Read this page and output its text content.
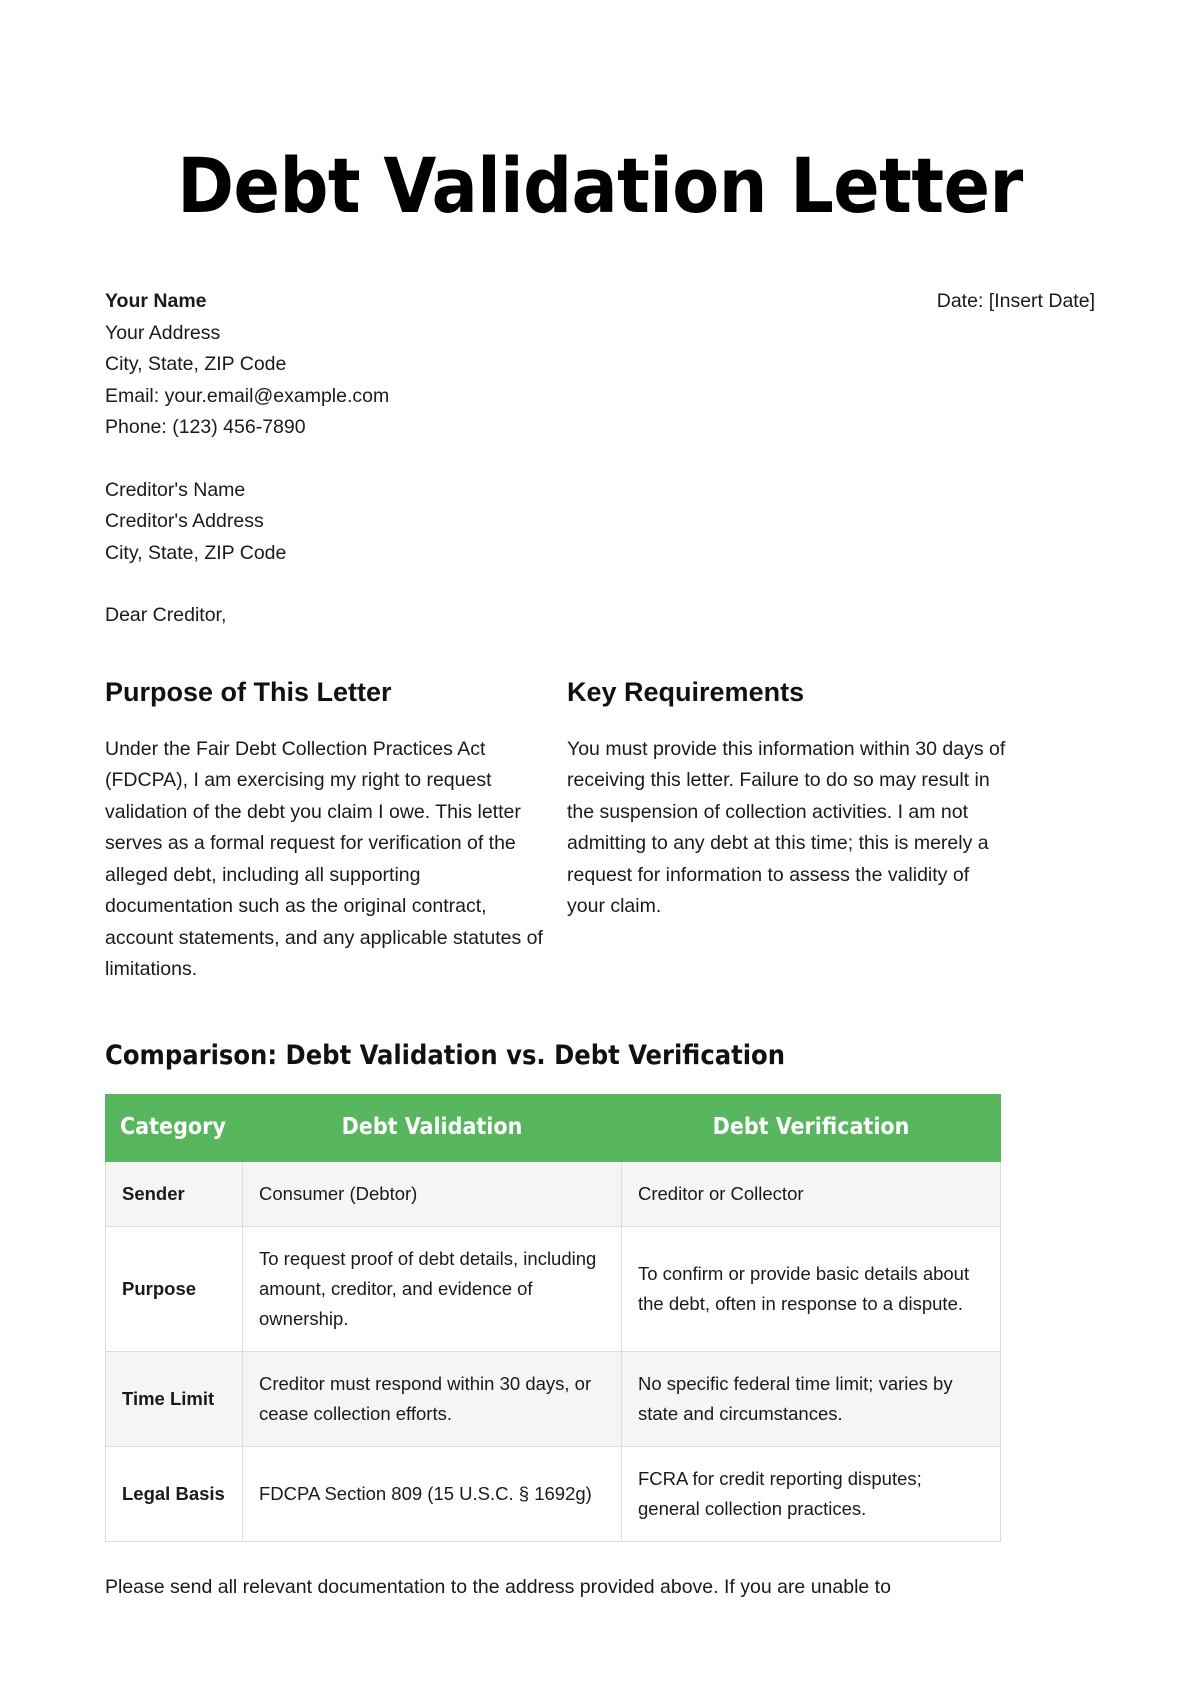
Debt Validation Letter
Your Name
Your Address
City, State, ZIP Code
Email: your.email@example.com
Phone: (123) 456-7890
Date: [Insert Date]
Creditor's Name
Creditor's Address
City, State, ZIP Code
Dear Creditor,
Purpose of This Letter

Under the Fair Debt Collection Practices Act (FDCPA), I am exercising my right to request validation of the debt you claim I owe. This letter serves as a formal request for verification of the alleged debt, including all supporting documentation such as the original contract, account statements, and any applicable statutes of limitations.

Key Requirements

You must provide this information within 30 days of receiving this letter. Failure to do so may result in the suspension of collection activities. I am not admitting to any debt at this time; this is merely a request for information to assess the validity of your claim.

Comparison: Debt Validation vs. Debt Verification
Category	Debt Validation	Debt Verification
Sender	Consumer (Debtor)	Creditor or Collector
Purpose	To request proof of debt details, including amount, creditor, and evidence of ownership.	To confirm or provide basic details about the debt, often in response to a dispute.
Time Limit	Creditor must respond within 30 days, or cease collection efforts.	No specific federal time limit; varies by state and circumstances.
Legal Basis	FDCPA Section 809 (15 U.S.C. § 1692g)	FCRA for credit reporting disputes; general collection practices.

Please send all relevant documentation to the address provided above. If you are unable to
